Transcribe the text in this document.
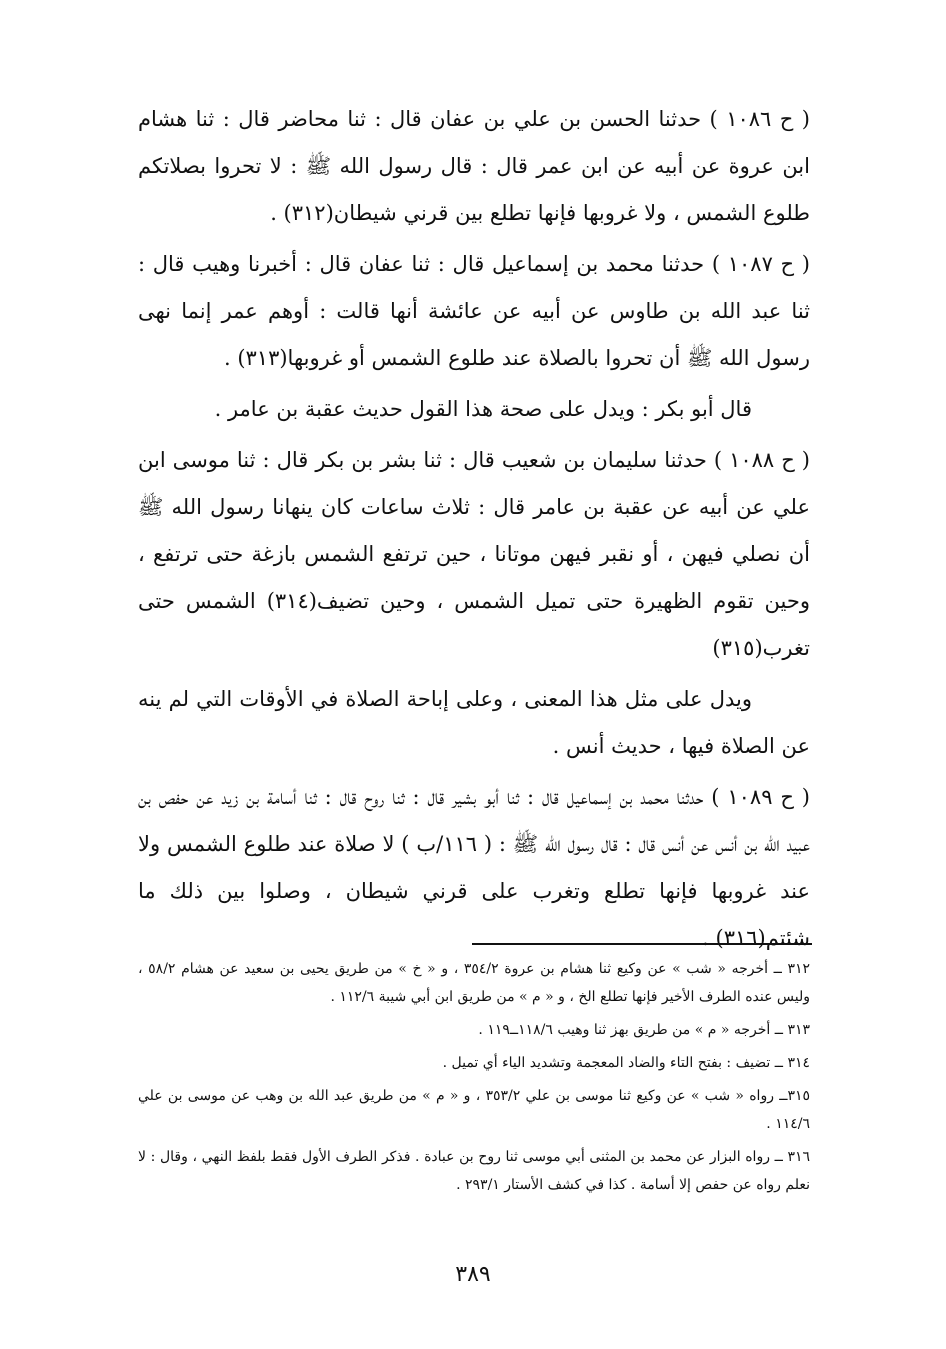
( ح ١٠٨٦ ) حدثنا الحسن بن علي بن عفان قال : ثنا محاضر قال : ثنا هشام ابن عروة عن أبيه عن ابن عمر قال : قال رسول الله ﷺ : لا تحروا بصلاتكم طلوع الشمس ، ولا غروبها فإنها تطلع بين قرني شيطان(٣١٢) .

( ح ١٠٨٧ ) حدثنا محمد بن إسماعيل قال : ثنا عفان قال : أخبرنا وهيب قال : ثنا عبد الله بن طاوس عن أبيه عن عائشة أنها قالت : أوهم عمر إنما نهى رسول الله ﷺ أن تحروا بالصلاة عند طلوع الشمس أو غروبها(٣١٣) .

قال أبو بكر : ويدل على صحة هذا القول حديث عقبة بن عامر .

( ح ١٠٨٨ ) حدثنا سليمان بن شعيب قال : ثنا بشر بن بكر قال : ثنا موسى ابن علي عن أبيه عن عقبة بن عامر قال : ثلاث ساعات كان ينهانا رسول الله ﷺ أن نصلي فيهن ، أو نقبر فيهن موتانا ، حين ترتفع الشمس بازغة حتى ترتفع ، وحين تقوم الظهيرة حتى تميل الشمس ، وحين تضيف(٣١٤) الشمس حتى تغرب(٣١٥)

ويدل على مثل هذا المعنى ، وعلى إباحة الصلاة في الأوقات التي لم ينه عن الصلاة فيها ، حديث أنس .

( ح ١٠٨٩ ) حدثنا محمد بن إسماعيل قال : ثنا أبو بشير قال : ثنا روح قال : ثنا أسامة بن زيد عن حفص بن عبيد الله بن أنس عن أنس قال : قال رسول الله ﷺ : ( ١١٦/ب ) لا صلاة عند طلوع الشمس ولا عند غروبها فإنها تطلع وتغرب على قرني شيطان ، وصلوا بين ذلك ما شئتم(٣١٦) .

٣١٢ ــ أخرجه « شب » عن وكيع ثنا هشام بن عروة ٣٥٤/٢ ، و « خ » من طريق يحيى بن سعيد عن هشام ٥٨/٢ ، وليس عنده الطرف الأخير فإنها تطلع الخ ، و « م » من طريق ابن أبي شيبة ١١٢/٦ .

٣١٣ ــ أخرجه « م » من طريق بهز ثنا وهيب ١١٨/٦ــ١١٩ .

٣١٤ ــ تضيف : بفتح التاء والضاد المعجمة وتشديد الياء أي تميل .

٣١٥ــ رواه « شب » عن وكيع ثنا موسى بن علي ٣٥٣/٢ ، و « م » من طريق عبد الله بن وهب عن موسى بن علي ١١٤/٦ .

٣١٦ ــ رواه البزار عن محمد بن المثنى أبي موسى ثنا روح بن عبادة . فذكر الطرف الأول فقط بلفظ النهي ، وقال : لا نعلم رواه عن حفص إلا أسامة . كذا في كشف الأستار ٢٩٣/١ .

٣٨٩
